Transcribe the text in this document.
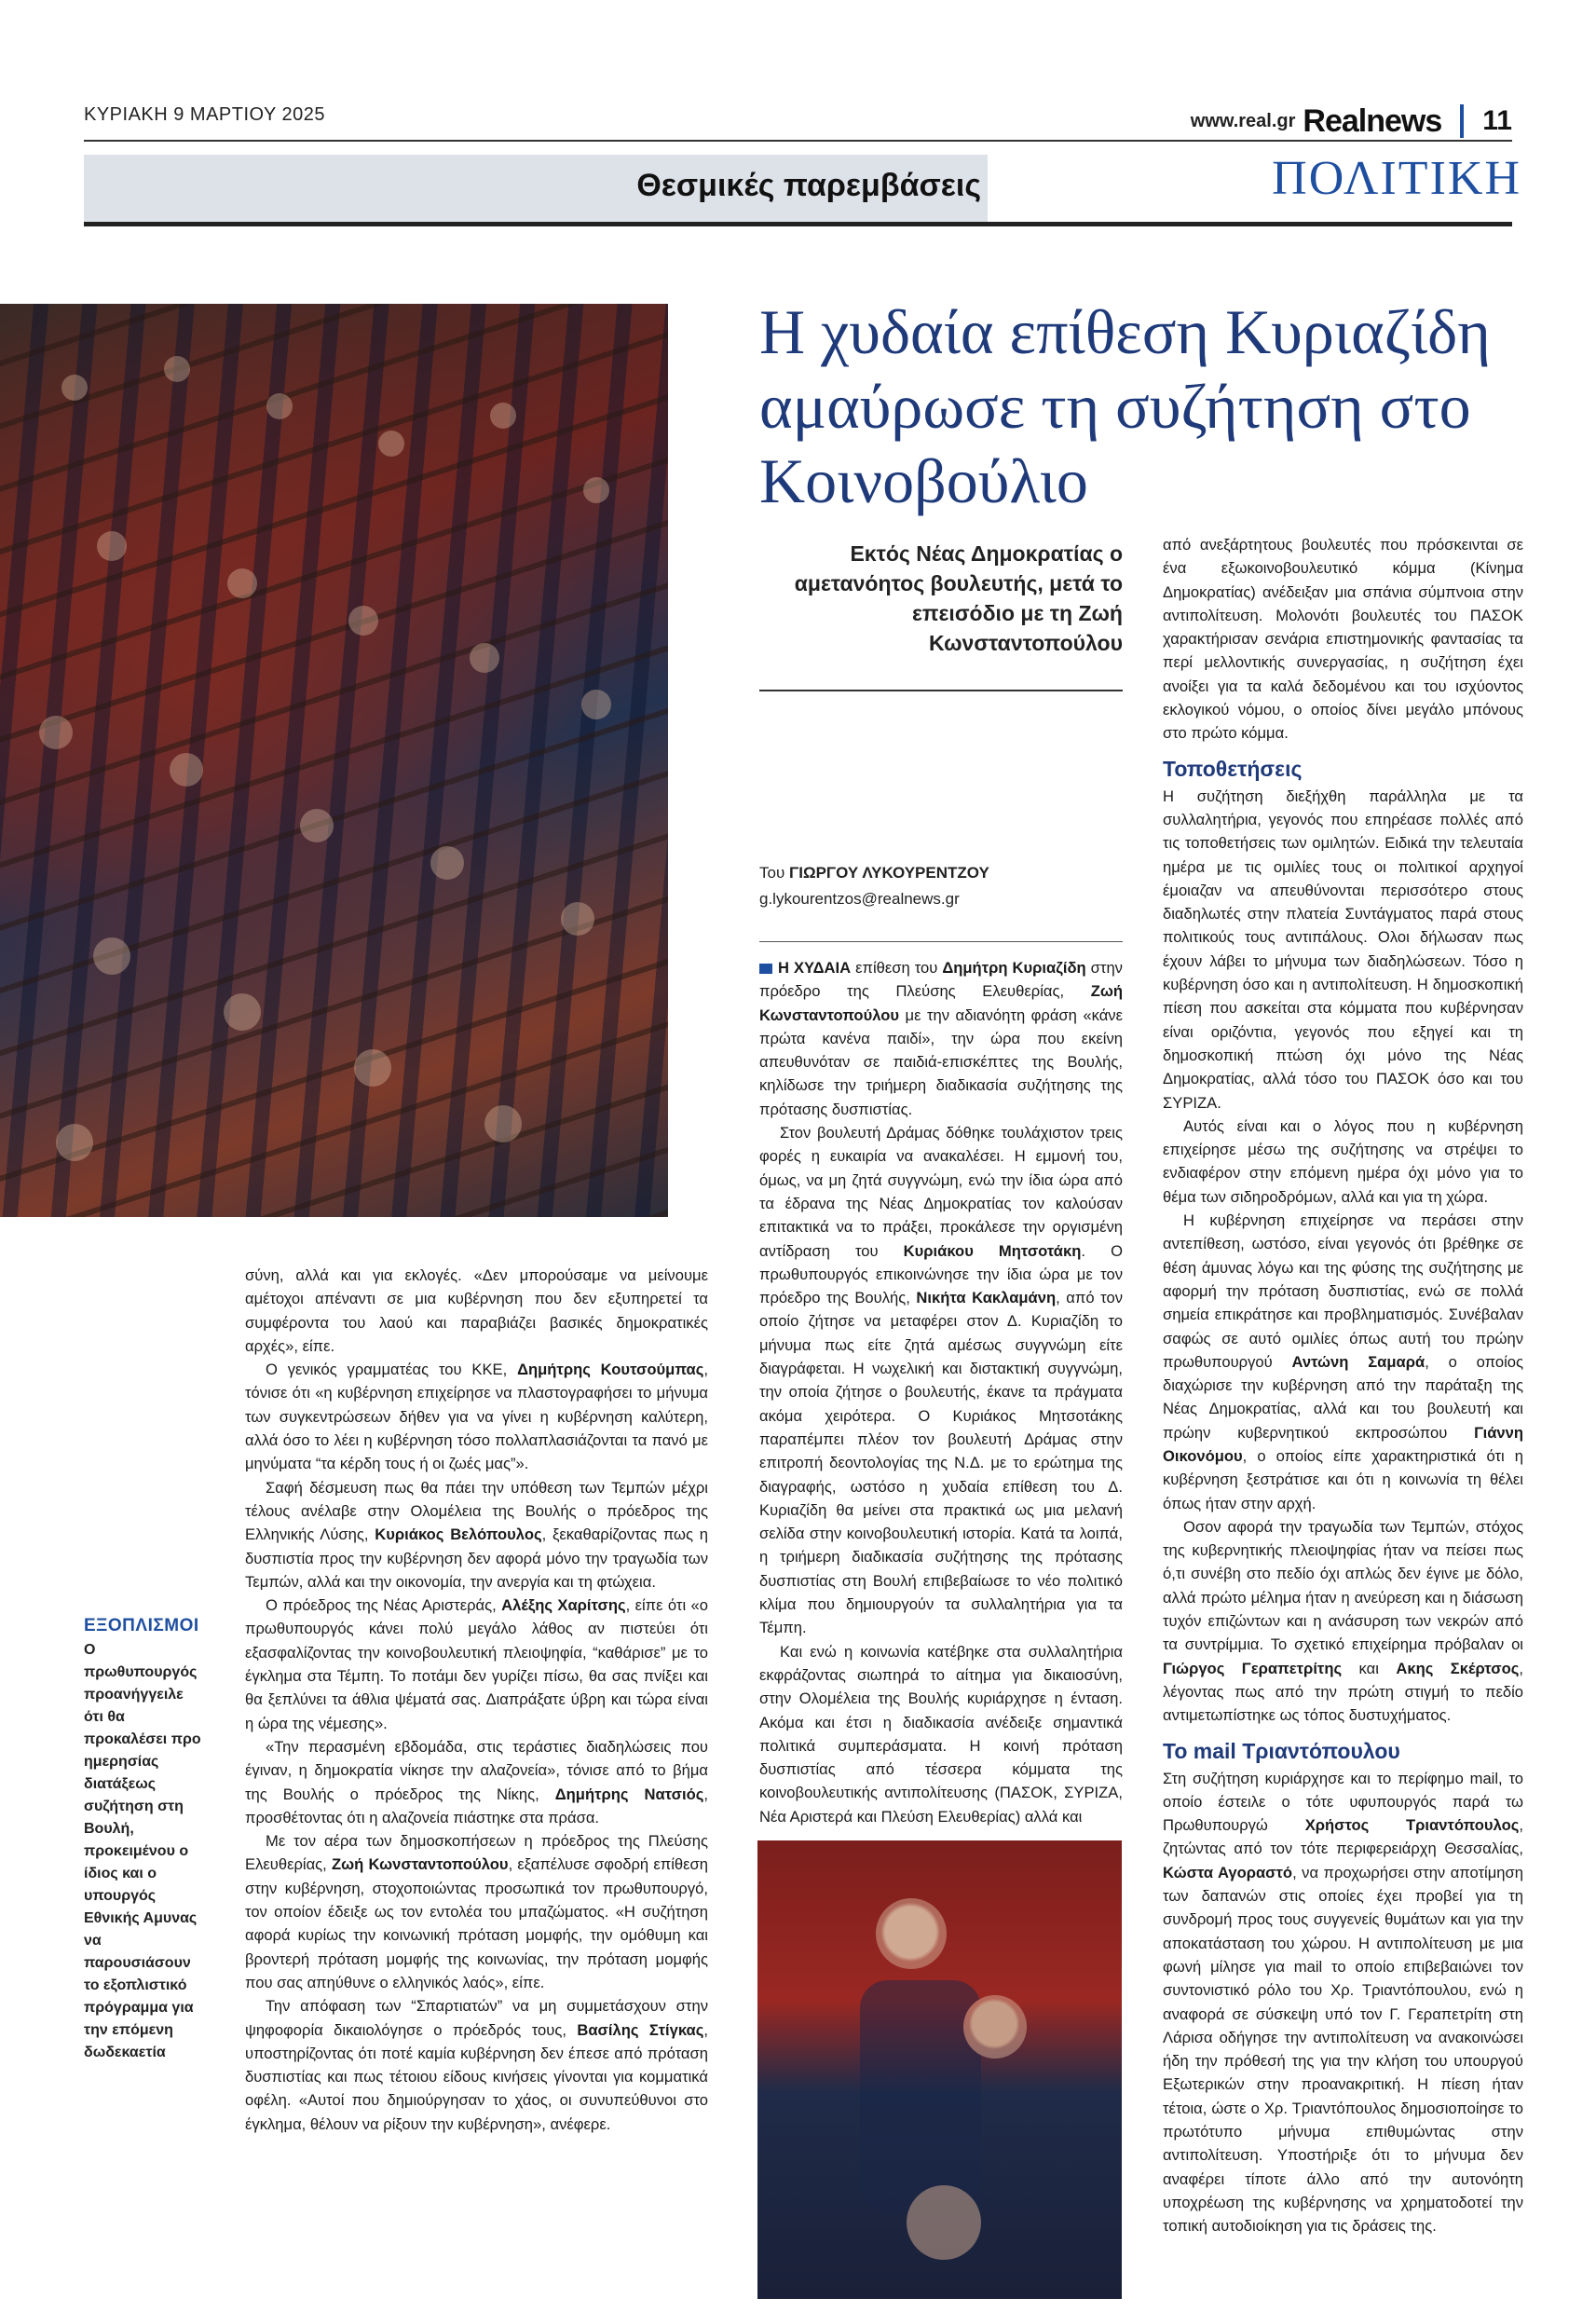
ΚΥΡΙΑΚΗ 9 ΜΑΡΤΙΟΥ 2025	www.real.gr Realnews 11
Θεσμικές παρεμβάσεις	ΠΟΛΙΤΙΚΗ
Η χυδαία επίθεση Κυριαζίδη αμαύρωσε τη συζήτηση στο Κοινοβούλιο
Εκτός Νέας Δημοκρατίας ο αμετανόητος βουλευτής, μετά το επεισόδιο με τη Ζωή Κωνσταντοπούλου
Του ΓΙΩΡΓΟΥ ΛΥΚΟΥΡΕΝΤΖΟΥ
g.lykourentzos@realnews.gr
ΕΞΟΠΛΙΣΜΟΙ
Ο πρωθυπουργός προανήγγειλε ότι θα προκαλέσει προ ημερησίας διατάξεως συζήτηση στη Βουλή, προκειμένου ο ίδιος και ο υπουργός Εθνικής Αμυνας να παρουσιάσουν το εξοπλιστικό πρόγραμμα για την επόμενη δωδεκαετία

σύνη, αλλά και για εκλογές. «Δεν μπορούσαμε να μείνουμε αμέτοχοι απέναντι σε μια κυβέρνηση που δεν εξυπηρετεί τα συμφέροντα του λαού και παραβιάζει βασικές δημοκρατικές αρχές», είπε.

Ο γενικός γραμματέας του ΚΚΕ, Δημήτρης Κουτσούμπας, τόνισε ότι «η κυβέρνηση επιχείρησε να πλαστογραφήσει το μήνυμα των συγκεντρώσεων δήθεν για να γίνει η κυβέρνηση καλύτερη, αλλά όσο το λέει η κυβέρνηση τόσο πολλαπλασιάζονται τα πανό με μηνύματα “τα κέρδη τους ή οι ζωές μας”».

Σαφή δέσμευση πως θα πάει την υπόθεση των Τεμπών μέχρι τέλους ανέλαβε στην Ολομέλεια της Βουλής ο πρόεδρος της Ελληνικής Λύσης, Κυριάκος Βελόπουλος, ξεκαθαρίζοντας πως η δυσπιστία προς την κυβέρνηση δεν αφορά μόνο την τραγωδία των Τεμπών, αλλά και την οικονομία, την ανεργία και τη φτώχεια.

Ο πρόεδρος της Νέας Αριστεράς, Αλέξης Χαρίτσης, είπε ότι «ο πρωθυπουργός κάνει πολύ μεγάλο λάθος αν πιστεύει ότι εξασφαλίζοντας την κοινοβουλευτική πλειοψηφία, “καθάρισε” με το έγκλημα στα Τέμπη. Το ποτάμι δεν γυρίζει πίσω, θα σας πνίξει και θα ξεπλύνει τα άθλια ψέματά σας. Διαπράξατε ύβρη και τώρα είναι η ώρα της νέμεσης».

«Την περασμένη εβδομάδα, στις τεράστιες διαδηλώσεις που έγιναν, η δημοκρατία νίκησε την αλαζονεία», τόνισε από το βήμα της Βουλής ο πρόεδρος της Νίκης, Δημήτρης Νατσιός, προσθέτοντας ότι η αλαζονεία πιάστηκε στα πράσα.

Με τον αέρα των δημοσκοπήσεων η πρόεδρος της Πλεύσης Ελευθερίας, Ζωή Κωνσταντοπούλου, εξαπέλυσε σφοδρή επίθεση στην κυβέρνηση, στοχοποιώντας προσωπικά τον πρωθυπουργό, τον οποίον έδειξε ως τον εντολέα του μπαζώματος. «Η συζήτηση αφορά κυρίως την κοινωνική πρόταση μομφής, την ομόθυμη και βροντερή πρόταση μομφής της κοινωνίας, την πρόταση μομφής που σας απηύθυνε ο ελληνικός λαός», είπε.

Την απόφαση των “Σπαρτιατών” να μη συμμετάσχουν στην ψηφοφορία δικαιολόγησε ο πρόεδρός τους, Βασίλης Στίγκας, υποστηρίζοντας ότι ποτέ καμία κυβέρνηση δεν έπεσε από πρόταση δυσπιστίας και πως τέτοιου είδους κινήσεις γίνονται για κομματικά οφέλη. «Αυτοί που δημιούργησαν το χάος, οι συνυπεύθυνοι στο έγκλημα, θέλουν να ρίξουν την κυβέρνηση», ανέφερε.

Η ΧΥΔΑΙΑ επίθεση του Δημήτρη Κυριαζίδη στην πρόεδρο της Πλεύσης Ελευθερίας, Ζωή Κωνσταντοπούλου με την αδιανόητη φράση «κάνε πρώτα κανένα παιδί», την ώρα που εκείνη απευθυνόταν σε παιδιά-επισκέπτες της Βουλής, κηλίδωσε την τριήμερη διαδικασία συζήτησης της πρότασης δυσπιστίας.

Στον βουλευτή Δράμας δόθηκε τουλάχιστον τρεις φορές η ευκαιρία να ανακαλέσει. Η εμμονή του, όμως, να μη ζητά συγγνώμη, ενώ την ίδια ώρα από τα έδρανα της Νέας Δημοκρατίας τον καλούσαν επιτακτικά να το πράξει, προκάλεσε την οργισμένη αντίδραση του Κυριάκου Μητσοτάκη. Ο πρωθυπουργός επικοινώνησε την ίδια ώρα με τον πρόεδρο της Βουλής, Νικήτα Κακλαμάνη, από τον οποίο ζήτησε να μεταφέρει στον Δ. Κυριαζίδη το μήνυμα πως είτε ζητά αμέσως συγγνώμη είτε διαγράφεται. Η νωχελική και διστακτική συγγνώμη, την οποία ζήτησε ο βουλευτής, έκανε τα πράγματα ακόμα χειρότερα. Ο Κυριάκος Μητσοτάκης παραπέμπει πλέον τον βουλευτή Δράμας στην επιτροπή δεοντολογίας της Ν.Δ. με το ερώτημα της διαγραφής, ωστόσο η χυδαία επίθεση του Δ. Κυριαζίδη θα μείνει στα πρακτικά ως μια μελανή σελίδα στην κοινοβουλευτική ιστορία. Κατά τα λοιπά, η τριήμερη διαδικασία συζήτησης της πρότασης δυσπιστίας στη Βουλή επιβεβαίωσε το νέο πολιτικό κλίμα που δημιουργούν τα συλλαλητήρια για τα Τέμπη.

Και ενώ η κοινωνία κατέβηκε στα συλλαλητήρια εκφράζοντας σιωπηρά το αίτημα για δικαιοσύνη, στην Ολομέλεια της Βουλής κυριάρχησε η ένταση. Ακόμα και έτσι η διαδικασία ανέδειξε σημαντικά πολιτικά συμπεράσματα. Η κοινή πρόταση δυσπιστίας από τέσσερα κόμματα της κοινοβουλευτικής αντιπολίτευσης (ΠΑΣΟΚ, ΣΥΡΙΖΑ, Νέα Αριστερά και Πλεύση Ελευθερίας) αλλά και

από ανεξάρτητους βουλευτές που πρόσκεινται σε ένα εξωκοινοβουλευτικό κόμμα (Κίνημα Δημοκρατίας) ανέδειξαν μια σπάνια σύμπνοια στην αντιπολίτευση. Μολονότι βουλευτές του ΠΑΣΟΚ χαρακτήρισαν σενάρια επιστημονικής φαντασίας τα περί μελλοντικής συνεργασίας, η συζήτηση έχει ανοίξει για τα καλά δεδομένου και του ισχύοντος εκλογικού νόμου, ο οποίος δίνει μεγάλο μπόνους στο πρώτο κόμμα.

Τοποθετήσεις

Η συζήτηση διεξήχθη παράλληλα με τα συλλαλητήρια, γεγονός που επηρέασε πολλές από τις τοποθετήσεις των ομιλητών. Ειδικά την τελευταία ημέρα με τις ομιλίες τους οι πολιτικοί αρχηγοί έμοιαζαν να απευθύνονται περισσότερο στους διαδηλωτές στην πλατεία Συντάγματος παρά στους πολιτικούς τους αντιπάλους. Ολοι δήλωσαν πως έχουν λάβει το μήνυμα των διαδηλώσεων. Τόσο η κυβέρνηση όσο και η αντιπολίτευση. Η δημοσκοπική πίεση που ασκείται στα κόμματα που κυβέρνησαν είναι οριζόντια, γεγονός που εξηγεί και τη δημοσκοπική πτώση όχι μόνο της Νέας Δημοκρατίας, αλλά τόσο του ΠΑΣΟΚ όσο και του ΣΥΡΙΖΑ.

Αυτός είναι και ο λόγος που η κυβέρνηση επιχείρησε μέσω της συζήτησης να στρέψει το ενδιαφέρον στην επόμενη ημέρα όχι μόνο για το θέμα των σιδηροδρόμων, αλλά και για τη χώρα.

Η κυβέρνηση επιχείρησε να περάσει στην αντεπίθεση, ωστόσο, είναι γεγονός ότι βρέθηκε σε θέση άμυνας λόγω και της φύσης της συζήτησης με αφορμή την πρόταση δυσπιστίας, ενώ σε πολλά σημεία επικράτησε και προβληματισμός. Συνέβαλαν σαφώς σε αυτό ομιλίες όπως αυτή του πρώην πρωθυπουργού Αντώνη Σαμαρά, ο οποίος διαχώρισε την κυβέρνηση από την παράταξη της Νέας Δημοκρατίας, αλλά και του βουλευτή και πρώην κυβερνητικού εκπροσώπου Γιάννη Οικονόμου, ο οποίος είπε χαρακτηριστικά ότι η κυβέρνηση ξεστράτισε και ότι η κοινωνία τη θέλει όπως ήταν στην αρχή.

Οσον αφορά την τραγωδία των Τεμπών, στόχος της κυβερνητικής πλειοψηφίας ήταν να πείσει πως ό,τι συνέβη στο πεδίο όχι απλώς δεν έγινε με δόλο, αλλά πρώτο μέλημα ήταν η ανεύρεση και η διάσωση τυχόν επιζώντων και η ανάσυρση των νεκρών από τα συντρίμμια. Το σχετικό επιχείρημα πρόβαλαν οι Γιώργος Γεραπετρίτης και Ακης Σκέρτσος, λέγοντας πως από την πρώτη στιγμή το πεδίο αντιμετωπίστηκε ως τόπος δυστυχήματος.

Το mail Τριαντόπουλου

Στη συζήτηση κυριάρχησε και το περίφημο mail, το οποίο έστειλε ο τότε υφυπουργός παρά τω Πρωθυπουργώ Χρήστος Τριαντόπουλος, ζητώντας από τον τότε περιφερειάρχη Θεσσαλίας, Κώστα Αγοραστό, να προχωρήσει στην αποτίμηση των δαπανών στις οποίες έχει προβεί για τη συνδρομή προς τους συγγενείς θυμάτων και για την αποκατάσταση του χώρου. Η αντιπολίτευση με μια φωνή μίλησε για mail το οποίο επιβεβαιώνει τον συντονιστικό ρόλο του Χρ. Τριαντόπουλου, ενώ η αναφορά σε σύσκεψη υπό τον Γ. Γεραπετρίτη στη Λάρισα οδήγησε την αντιπολίτευση να ανακοινώσει ήδη την πρόθεσή της για την κλήση του υπουργού Εξωτερικών στην προανακριτική. Η πίεση ήταν τέτοια, ώστε ο Χρ. Τριαντόπουλος δημοσιοποίησε το πρωτότυπο μήνυμα επιθυμώντας στην αντιπολίτευση. Υποστήριξε ότι το μήνυμα δεν αναφέρει τίποτε άλλο από την αυτονόητη υποχρέωση της κυβέρνησης να χρηματοδοτεί την τοπική αυτοδιοίκηση για τις δράσεις της.
